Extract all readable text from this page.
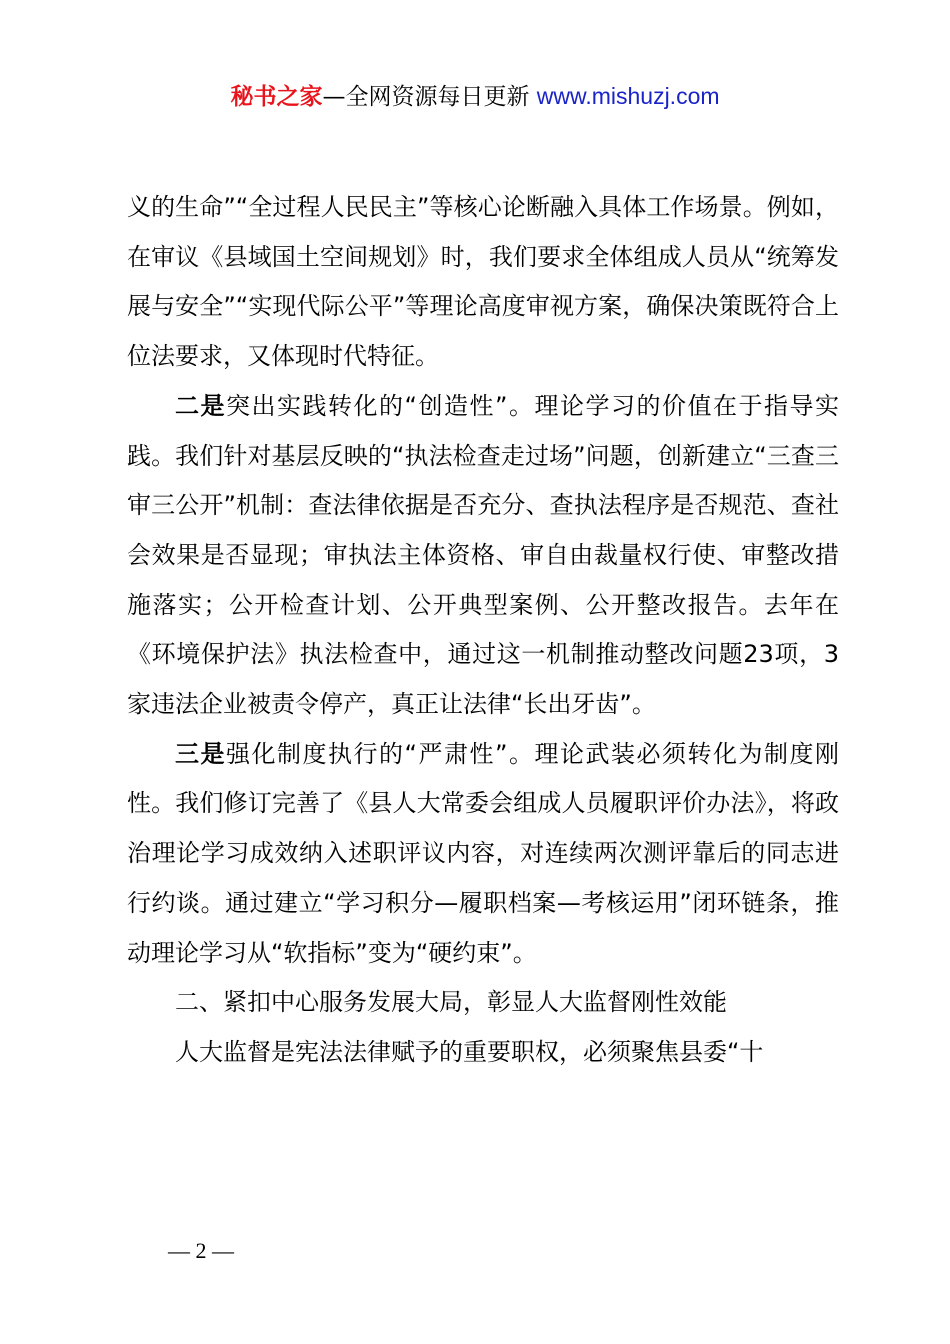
秘书之家—全网资源每日更新 www.mishuzj.com

义的生命”“全过程人民民主”等核心论断融入具体工作场景。例如，在审议《县域国土空间规划》时，我们要求全体组成人员从“统筹发展与安全”“实现代际公平”等理论高度审视方案，确保决策既符合上位法要求，又体现时代特征。

二是突出实践转化的“创造性”。理论学习的价值在于指导实践。我们针对基层反映的“执法检查走过场”问题，创新建立“三查三审三公开”机制：查法律依据是否充分、查执法程序是否规范、查社会效果是否显现；审执法主体资格、审自由裁量权行使、审整改措施落实；公开检查计划、公开典型案例、公开整改报告。去年在《环境保护法》执法检查中，通过这一机制推动整改问题23项，3家违法企业被责令停产，真正让法律“长出牙齿”。

三是强化制度执行的“严肃性”。理论武装必须转化为制度刚性。我们修订完善了《县人大常委会组成人员履职评价办法》，将政治理论学习成效纳入述职评议内容，对连续两次测评靠后的同志进行约谈。通过建立“学习积分—履职档案—考核运用”闭环链条，推动理论学习从“软指标”变为“硬约束”。

二、紧扣中心服务发展大局，彰显人大监督刚性效能

人大监督是宪法法律赋予的重要职权，必须聚焦县委“十

— 2 —
